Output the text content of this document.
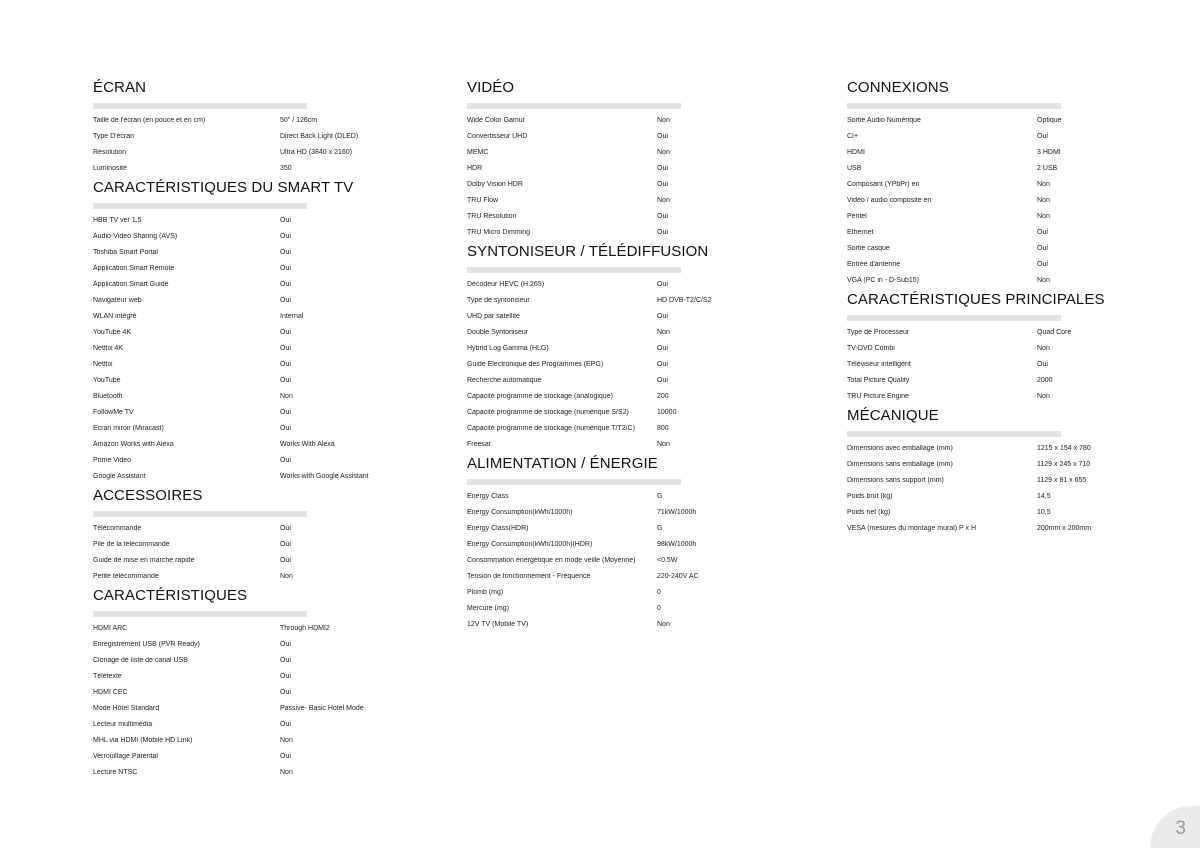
ÉCRAN
Taille de l'écran (en pouce et en cm)	50" / 126cm
Type D'écran	Direct Back Light (DLED)
Résolution	Ultra HD (3840 x 2160)
Luminosité	350
CARACTÉRISTIQUES DU SMART TV
HBB TV ver 1.5	Oui
Audio-Video Sharing (AVS)	Oui
Toshiba Smart Portal	Oui
Application Smart Remote	Oui
Application Smart Guide	Oui
Navigateur web	Oui
WLAN intégré	Internal
YouTube 4K	Oui
Netflix 4K	Oui
Netflix	Oui
YouTube	Oui
Bluetooth	Non
FollowMe TV	Oui
Écran miroir (Miracast)	Oui
Amazon Works with Alexa	Works With Alexa
Prime Video	Oui
Google Assistant	Works with Google Assistant
ACCESSOIRES
Télécommande	Oui
Pile de la télécommande	Oui
Guide de mise en marche rapide	Oui
Petite télécommande	Non
CARACTÉRISTIQUES
HDMI ARC	Through HDMI2
Enregistrement USB (PVR Ready)	Oui
Clonage de liste de canal USB	Oui
Télétexte	Oui
HDMI CEC	Oui
Mode Hôtel Standard	Passive- Basic Hotel Mode
Lecteur multimédia	Oui
MHL via HDMI (Mobile HD Link)	Non
Verrouillage Parental	Oui
Lecture NTSC	Non
VIDÉO
Wide Color Gamut	Non
Convertisseur UHD	Oui
MEMC	Non
HDR	Oui
Dolby Vision HDR	Oui
TRU Flow	Non
TRU Resolution	Oui
TRU Micro Dimming	Oui
SYNTONISEUR / TÉLÉDIFFUSION
Décodeur HEVC (H.265)	Oui
Type de syntoniseur	HD DVB-T2/C/S2
UHD par satellite	Oui
Double Syntoniseur	Non
Hybrid Log Gamma (HLG)	Oui
Guide Électronique des Programmes (EPG)	Oui
Recherche automatique	Oui
Capacité programme de stockage (analogique)	200
Capacité programme de stockage (numérique S/S2)	10000
Capacité programme de stockage (numérique T/T2/C)	800
Freesat	Non
ALIMENTATION / ÉNERGIE
Energy Class	G
Energy Consumption(kWh/1000h)	71kW/1000h
Energy Class(HDR)	G
Energy Consumption(kWh/1000h)(HDR)	98kW/1000h
Consommation énergétique en mode veille (Moyenne)	<0.5W
Tension de fonctionnement - Fréquence	220-240V AC
Plomb (mg)	0
Mercure (mg)	0
12V TV (Mobile TV)	Non
CONNEXIONS
Sortie Audio Numérique	Optique
CI+	Oui
HDMI	3 HDMI
USB	2 USB
Composant (YPbPr) en	Non
Vidéo / audio composite en	Non
Péritel	Non
Éthernet	Oui
Sortie casque	Oui
Entrée d'antenne	Oui
VGA (PC in - D-Sub15)	Non
CARACTÉRISTIQUES PRINCIPALES
Type de Processeur	Quad Core
TV-DVD Combi	Non
Téléviseur intelligent	Oui
Total Picture Quality	2000
TRU Picture Engine	Non
MÉCANIQUE
Dimensions avec emballage (mm)	1215 x 154 x 780
Dimensions sans emballage (mm)	1129 x 245 x 710
Dimensions sans support (mm)	1129 x 81 x 655
Poids brut (kg)	14,5
Poids net (kg)	10,5
VESA (mesures du montage mural) P x H	200mm x 200mm
3
